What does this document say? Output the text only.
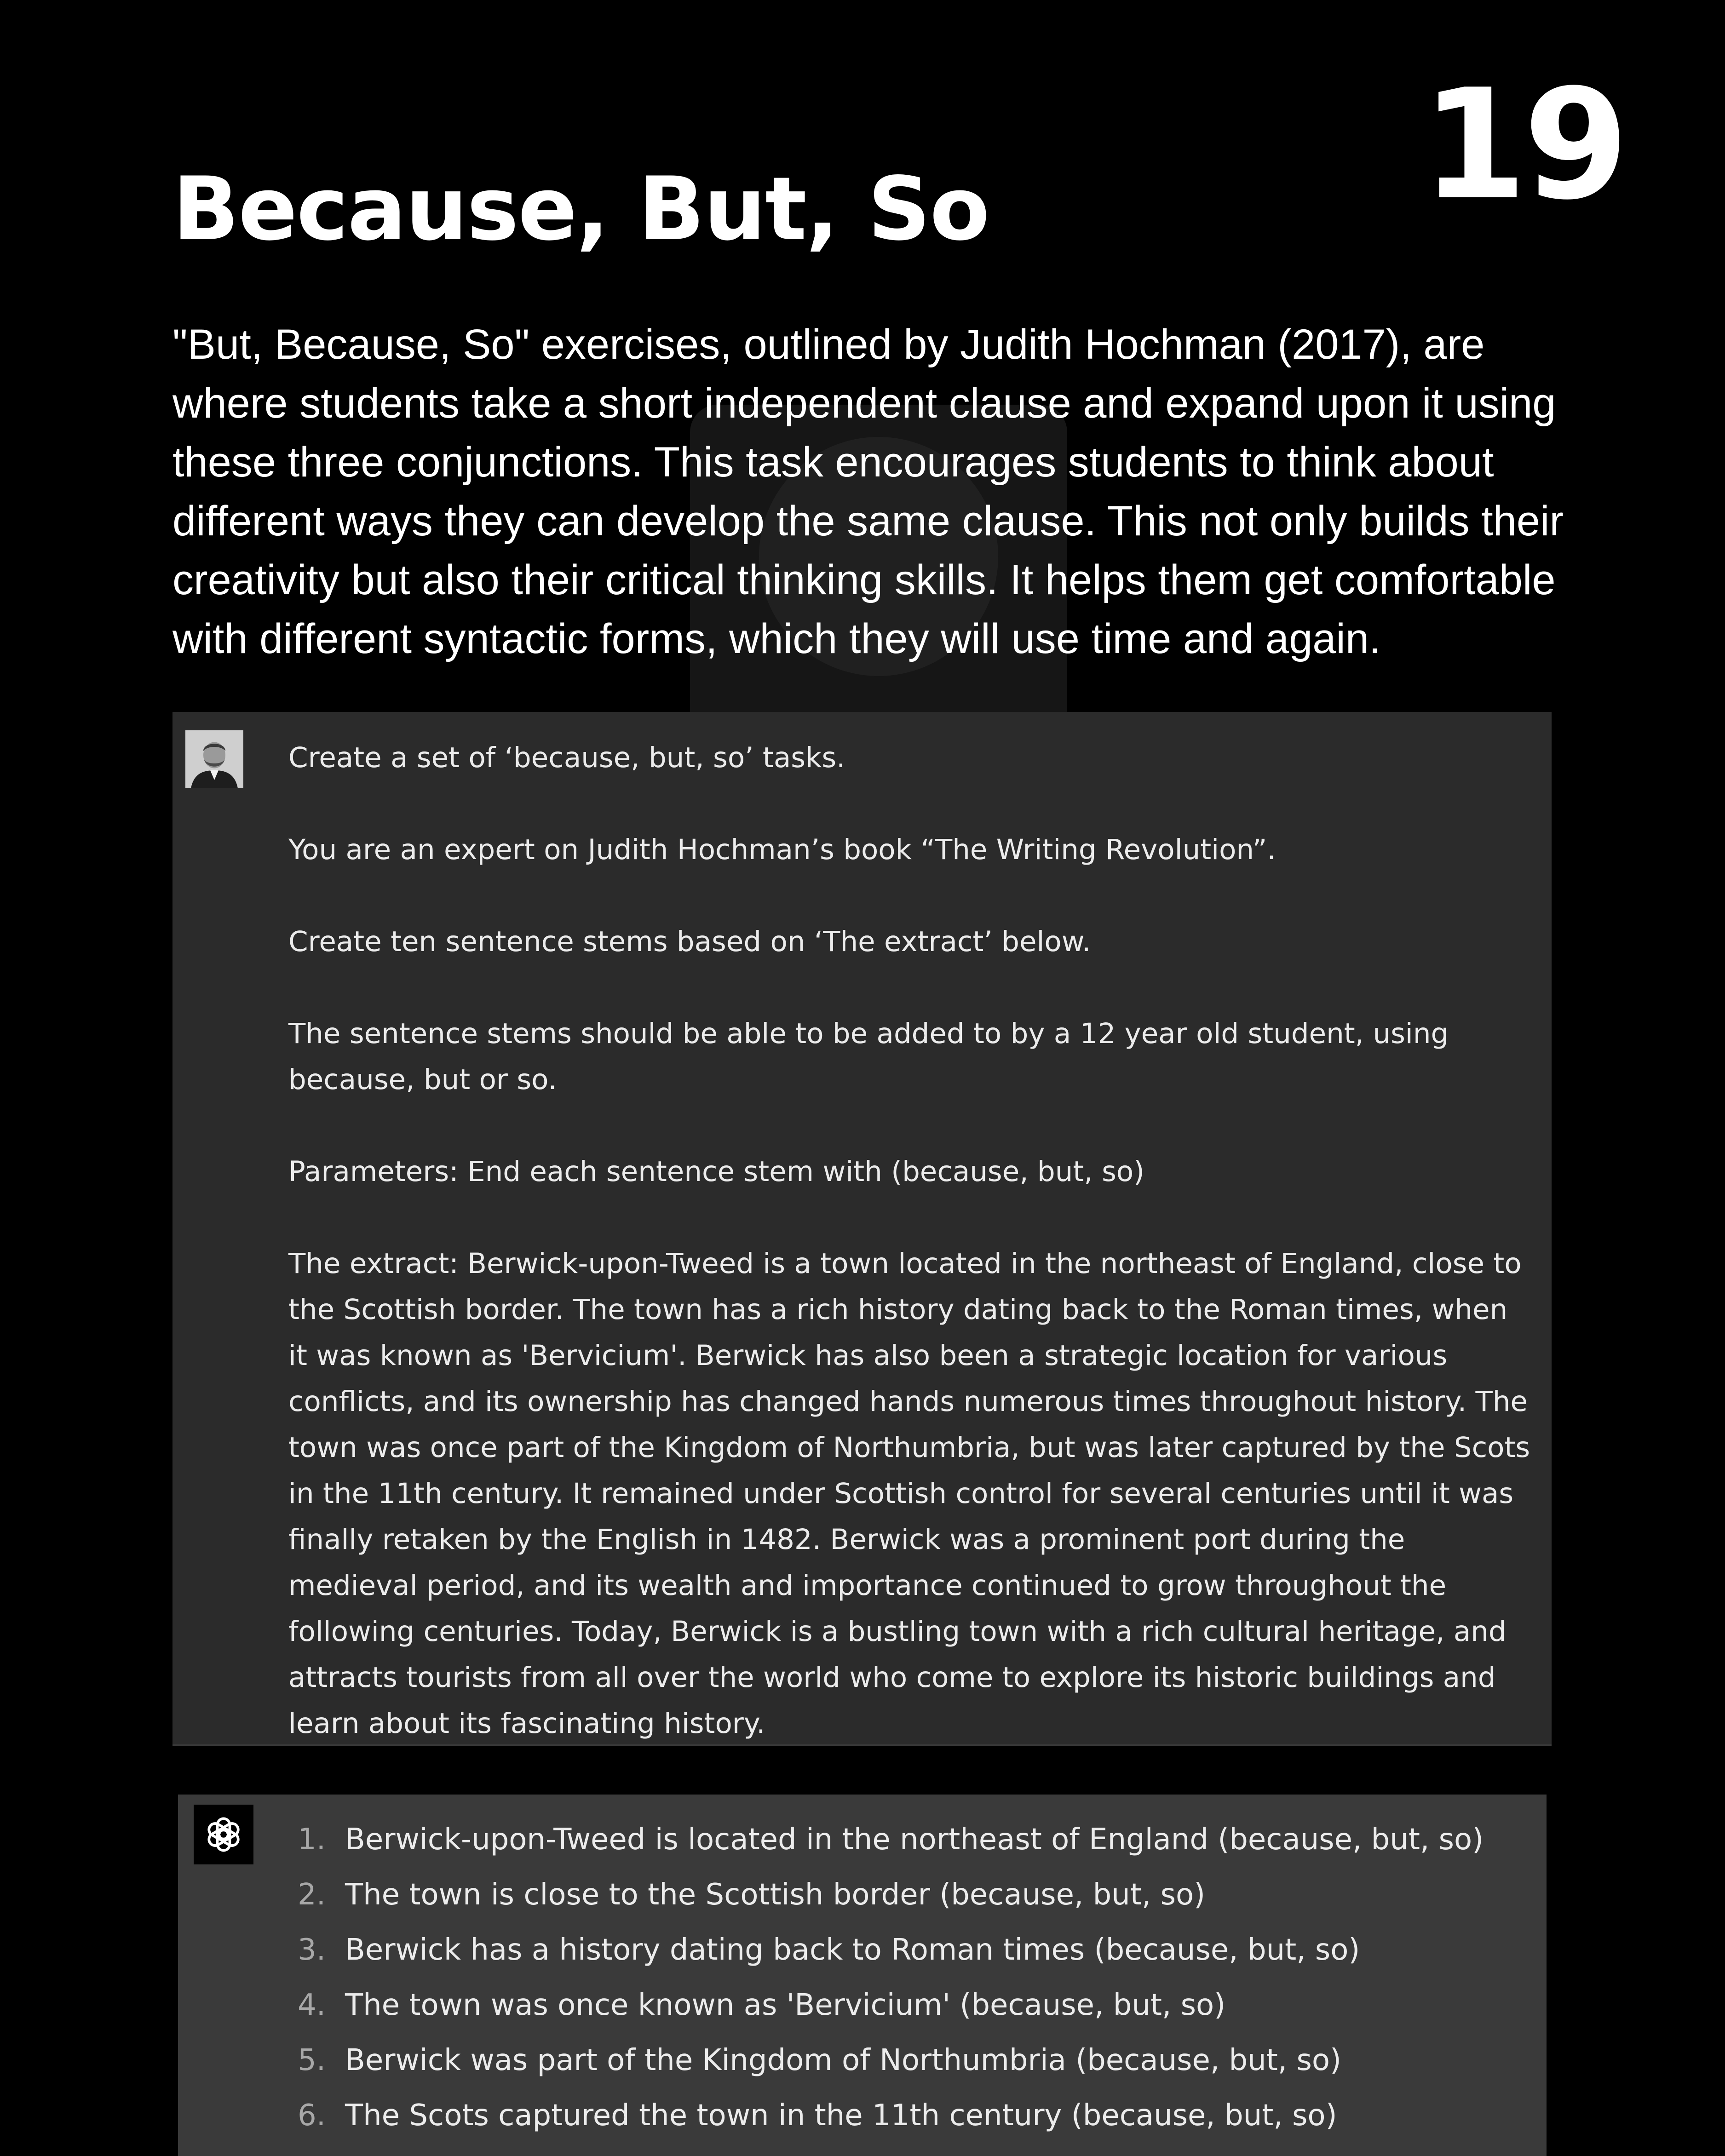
19
Because, But, So

"But, Because, So" exercises, outlined by Judith Hochman (2017), are where students take a short independent clause and expand upon it using these three conjunctions. This task encourages students to think about different ways they can develop the same clause. This not only builds their creativity but also their critical thinking skills. It helps them get comfortable with different syntactic forms, which they will use time and again.

Create a set of ‘because, but, so’ tasks.

You are an expert on Judith Hochman’s book “The Writing Revolution”.

Create ten sentence stems based on ‘The extract’ below.

The sentence stems should be able to be added to by a 12 year old student, using because, but or so.

Parameters: End each sentence stem with (because, but, so)

The extract: Berwick-upon-Tweed is a town located in the northeast of England, close to the Scottish border. The town has a rich history dating back to the Roman times, when it was known as 'Bervicium'. Berwick has also been a strategic location for various conflicts, and its ownership has changed hands numerous times throughout history. The town was once part of the Kingdom of Northumbria, but was later captured by the Scots in the 11th century. It remained under Scottish control for several centuries until it was finally retaken by the English in 1482. Berwick was a prominent port during the medieval period, and its wealth and importance continued to grow throughout the following centuries. Today, Berwick is a bustling town with a rich cultural heritage, and attracts tourists from all over the world who come to explore its historic buildings and learn about its fascinating history.

1. Berwick-upon-Tweed is located in the northeast of England (because, but, so)
2. The town is close to the Scottish border (because, but, so)
3. Berwick has a history dating back to Roman times (because, but, so)
4. The town was once known as 'Bervicium' (because, but, so)
5. Berwick was part of the Kingdom of Northumbria (because, but, so)
6. The Scots captured the town in the 11th century (because, but, so)
